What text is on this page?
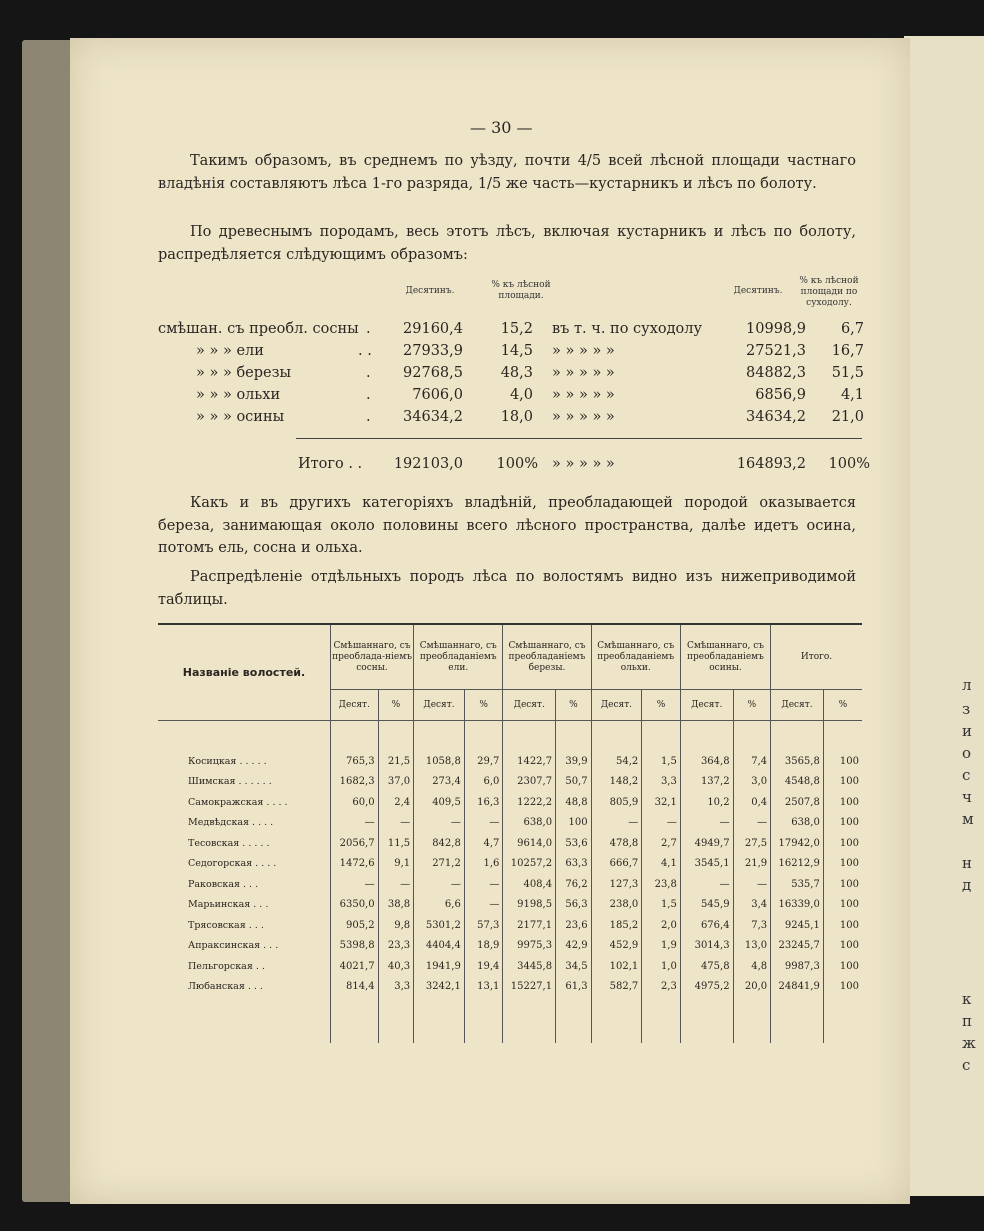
л
з
и
о
с
ч
м
н
д
к
п
ж
с
— 30 —
Такимъ образомъ, въ среднемъ по уѣзду, почти 4/5 всей лѣсной площади частнаго владѣнія составляютъ лѣса 1-го разряда, 1/5 же часть—кустарникъ и лѣсъ по болоту.
По древеснымъ породамъ, весь этотъ лѣсъ, включая кустарникъ и лѣсъ по болоту, распредѣляется слѣдующимъ образомъ:
Десятинъ.
% къ лѣсной площади.	Десятинъ.
% къ лѣсной площади по суходолу.
смѣшан. съ преобл. сосны .	29160,4	15,2 въ т. ч. по суходолу	10998,9	6,7
» » » ели	. .	27933,9	14,5 » » » » »	27521,3	16,7
» » » березы	.	92768,5	48,3 » » » » »	84882,3	51,5
» » » ольхи	.	7606,0	4,0 » » » » »	6856,9	4,1
» » » осины	.	34634,2	18,0 » » » » »	34634,2	21,0
Итого . .	192103,0	100% » » » » »	164893,2	100%
Какъ и въ другихъ категоріяхъ владѣній, преобладающей породой оказывается береза, занимающая около половины всего лѣсного пространства, далѣе идетъ осина, потомъ ель, сосна и ольха.
Распредѣленіе отдѣльныхъ породъ лѣса по волостямъ видно изъ нижеприводимой таблицы.
Названіе волостей.	Смѣшаннаго, съ преоблада-ніемъ сосны.		Смѣшаннаго, съ преобладаніемъ ели.		Смѣшаннаго, съ преобладаніемъ березы.		Смѣшаннаго, съ преобладаніемъ ольхи.		Смѣшаннаго, съ преобладаніемъ осины.		Итого.	
	Десят.	%	Десят.	%	Десят.	%	Десят.	%	Десят.	%	Десят.	%

Косицкая . . . . .	765,3	21,5	1058,8	29,7	1422,7	39,9	54,2	1,5	364,8	7,4	3565,8	100
Шимская . . . . . .	1682,3	37,0	273,4	6,0	2307,7	50,7	148,2	3,3	137,2	3,0	4548,8	100
Самокражская . . . .	60,0	2,4	409,5	16,3	1222,2	48,8	805,9	32,1	10,2	0,4	2507,8	100
Медвѣдская . . . .	—	—	—	—	638,0	100	—	—	—	—	638,0	100
Тесовская . . . . .	2056,7	11,5	842,8	4,7	9614,0	53,6	478,8	2,7	4949,7	27,5	17942,0	100
Седогорская . . . .	1472,6	9,1	271,2	1,6	10257,2	63,3	666,7	4,1	3545,1	21,9	16212,9	100
Раковская . . .	—	—	—	—	408,4	76,2	127,3	23,8	—	—	535,7	100
Марьинская . . .	6350,0	38,8	6,6	—	9198,5	56,3	238,0	1,5	545,9	3,4	16339,0	100
Трясовская . . .	905,2	9,8	5301,2	57,3	2177,1	23,6	185,2	2,0	676,4	7,3	9245,1	100
Апраксинская . . .	5398,8	23,3	4404,4	18,9	9975,3	42,9	452,9	1,9	3014,3	13,0	23245,7	100
Пельгорская . .	4021,7	40,3	1941,9	19,4	3445,8	34,5	102,1	1,0	475,8	4,8	9987,3	100
Любанская . . .	814,4	3,3	3242,1	13,1	15227,1	61,3	582,7	2,3	4975,2	20,0	24841,9	100
